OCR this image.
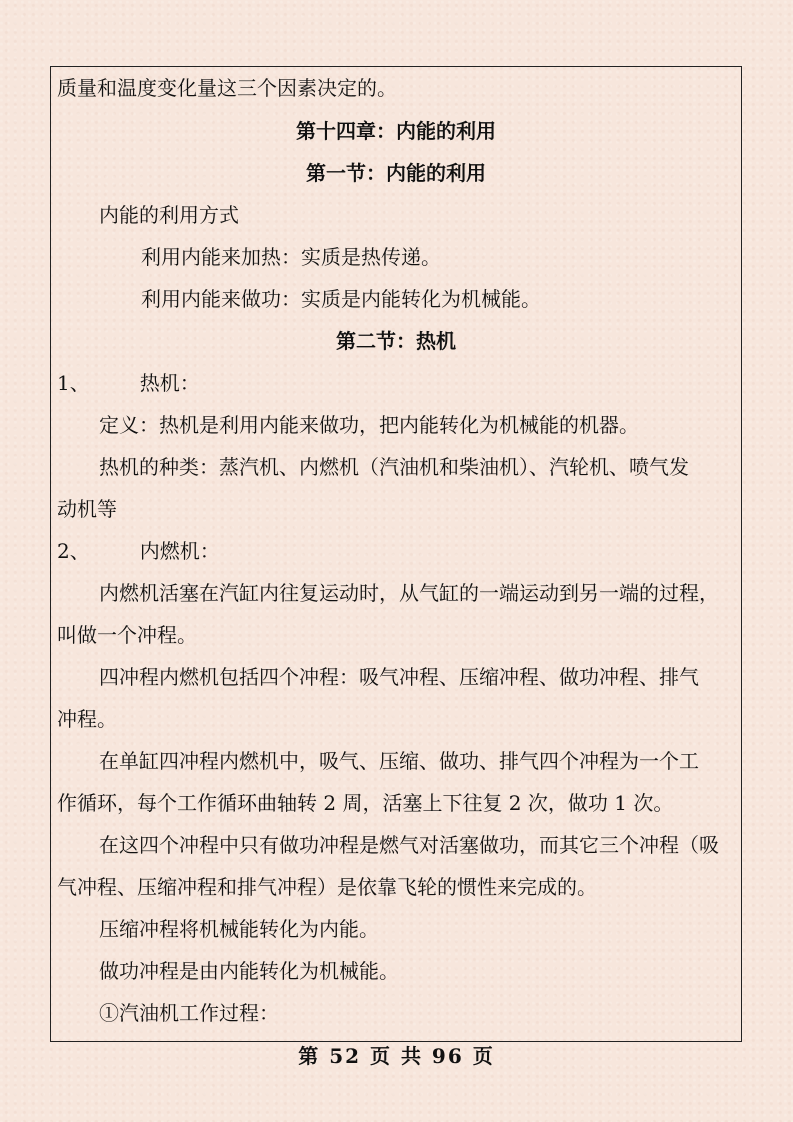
质量和温度变化量这三个因素决定的。
第十四章：内能的利用
第一节：内能的利用
内能的利用方式
利用内能来加热：实质是热传递。
利用内能来做功：实质是内能转化为机械能。
第二节：热机
1、	热机：
定义：热机是利用内能来做功，把内能转化为机械能的机器。
热机的种类：蒸汽机、内燃机（汽油机和柴油机）、汽轮机、喷气发
动机等
2、	内燃机：
内燃机活塞在汽缸内往复运动时，从气缸的一端运动到另一端的过程，
叫做一个冲程。
四冲程内燃机包括四个冲程：吸气冲程、压缩冲程、做功冲程、排气
冲程。
在单缸四冲程内燃机中，吸气、压缩、做功、排气四个冲程为一个工
作循环，每个工作循环曲轴转 2 周，活塞上下往复 2 次，做功 1 次。
在这四个冲程中只有做功冲程是燃气对活塞做功，而其它三个冲程（吸
气冲程、压缩冲程和排气冲程）是依靠飞轮的惯性来完成的。
压缩冲程将机械能转化为内能。
做功冲程是由内能转化为机械能。
①汽油机工作过程：
第 52 页 共 96 页
